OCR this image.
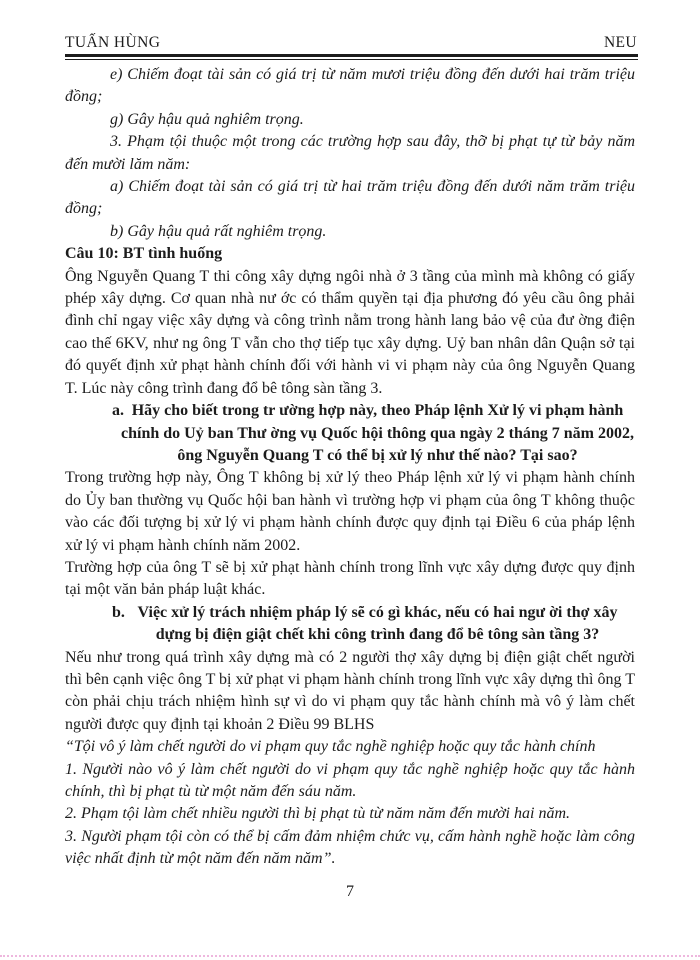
TUẤN HÙNG	NEU
e) Chiếm đoạt tài sản có giá trị từ năm mươi triệu đồng đến dưới hai trăm triệu đồng;
g) Gây hậu quả nghiêm trọng.
3. Phạm tội thuộc một trong các trường hợp sau đây, thỡ bị phạt tự từ bảy năm đến mười lăm năm:
a) Chiếm đoạt tài sản có giá trị từ hai trăm triệu đồng đến dưới năm trăm triệu đồng;
b) Gây hậu quả rất nghiêm trọng.
Câu 10: BT tình huống
Ông Nguyễn Quang T thi công xây dựng ngôi nhà ở 3 tầng của mình mà không có giấy phép xây dựng. Cơ quan nhà nư ớc có thẩm quyền tại địa phương đó yêu cầu ông phải đình chỉ ngay việc xây dựng và công trình nằm trong hành lang bảo vệ của đư ờng điện cao thế 6KV, như ng ông T vẫn cho thợ tiếp tục xây dựng. Uỷ ban nhân dân Quận sở tại đó quyết định xử phạt hành chính đối với hành vi vi phạm này của ông Nguyễn Quang T. Lúc này công trình đang đổ bê tông sàn tầng 3.
a. Hãy cho biết trong tr ường hợp này, theo Pháp lệnh Xử lý vi phạm hành chính do Uỷ ban Thư ờng vụ Quốc hội thông qua ngày 2 tháng 7 năm 2002, ông Nguyễn Quang T có thể bị xử lý như thế nào? Tại sao?
Trong trường hợp này, Ông T không bị xử lý theo Pháp lệnh xử lý vi phạm hành chính do Ủy ban thường vụ Quốc hội ban hành vì trường hợp vi phạm của ông T không thuộc vào các đối tượng bị xử lý vi phạm hành chính được quy định tại Điều 6 của pháp lệnh xử lý vi phạm hành chính năm 2002.
Trường hợp của ông T sẽ bị xử phạt hành chính trong lĩnh vực xây dựng được quy định tại một văn bản pháp luật khác.
b. Việc xử lý trách nhiệm pháp lý sẽ có gì khác, nếu có hai ngư ời thợ xây dựng bị điện giật chết khi công trình đang đổ bê tông sàn tầng 3?
Nếu như trong quá trình xây dựng mà có 2 người thợ xây dựng bị điện giật chết người thì bên cạnh việc ông T bị xử phạt vi phạm hành chính trong lĩnh vực xây dựng thì ông T còn phải chịu trách nhiệm hình sự vì do vi phạm quy tắc hành chính mà vô ý làm chết người được quy định tại khoản 2 Điều 99 BLHS
“Tội vô ý làm chết người do vi phạm quy tắc nghề nghiệp hoặc quy tắc hành chính
1. Người nào vô ý làm chết người do vi phạm quy tắc nghề nghiệp hoặc quy tắc hành chính, thì bị phạt tù từ một năm đến sáu năm.
2. Phạm tội làm chết nhiều người thì bị phạt tù từ năm năm đến mười hai năm.
3. Người phạm tội còn có thể bị cấm đảm nhiệm chức vụ, cấm hành nghề hoặc làm công việc nhất định từ một năm đến năm năm”.
7
